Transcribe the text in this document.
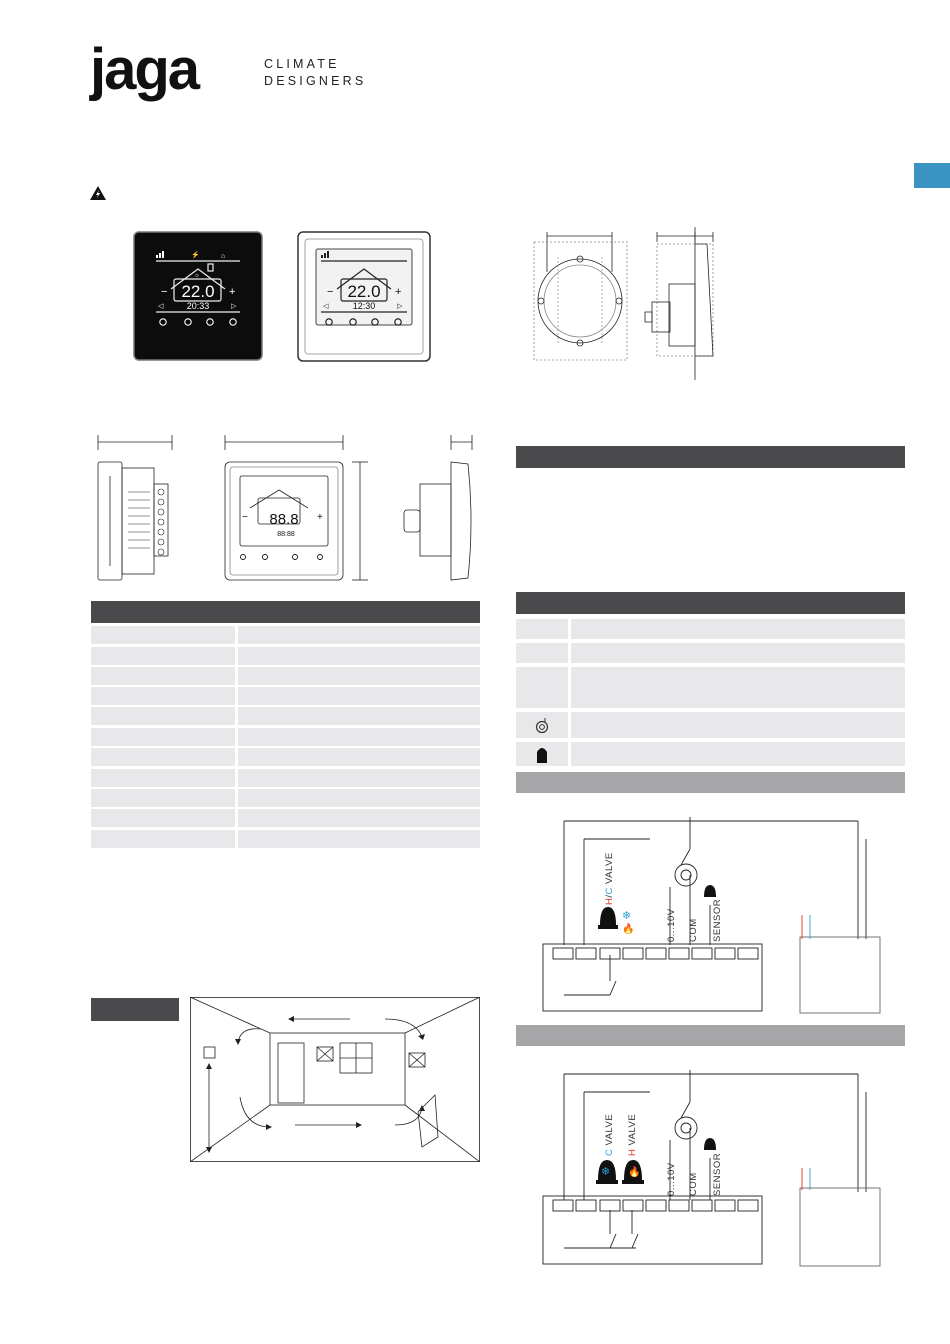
jaga	CLIMATE
DESIGNERS
⚡	⌂
☼
22.0
20:33
−	+
◁	▷
22.0
12:30
−	+
◁	▷
88.8
88:88
−	+
❄
🔥
H/C VALVE
0...10V COM SENSOR
❄ 🔥
C VALVE
H VALVE
0...10V COM SENSOR
